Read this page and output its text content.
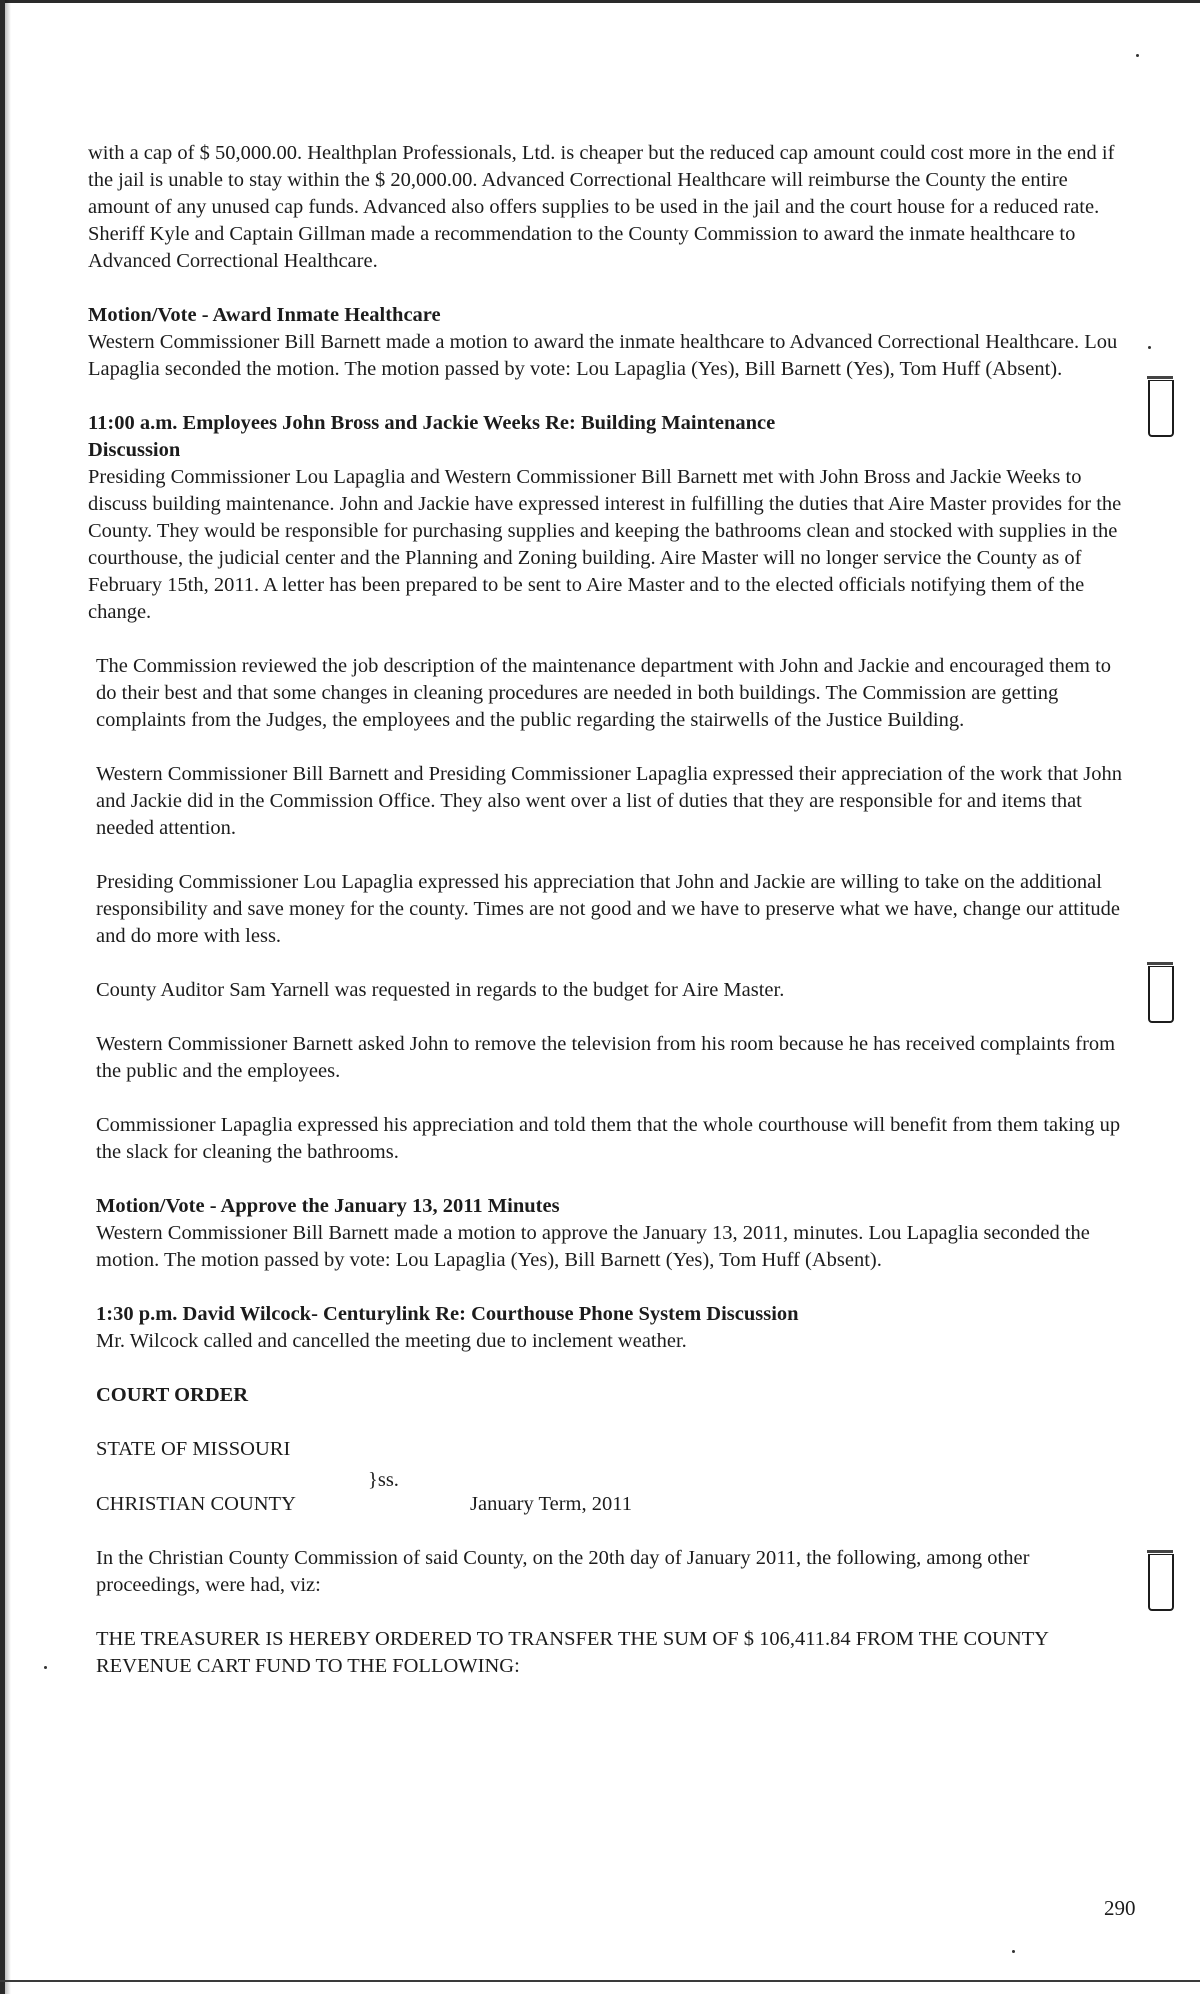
with a cap of $ 50,000.00. Healthplan Professionals, Ltd. is cheaper but the reduced cap amount could cost more in the end if the jail is unable to stay within the $ 20,000.00. Advanced Correctional Healthcare will reimburse the County the entire amount of any unused cap funds. Advanced also offers supplies to be used in the jail and the court house for a reduced rate. Sheriff Kyle and Captain Gillman made a recommendation to the County Commission to award the inmate healthcare to Advanced Correctional Healthcare.

Motion/Vote - Award Inmate Healthcare

Western Commissioner Bill Barnett made a motion to award the inmate healthcare to Advanced Correctional Healthcare. Lou Lapaglia seconded the motion. The motion passed by vote: Lou Lapaglia (Yes), Bill Barnett (Yes), Tom Huff (Absent).

11:00 a.m. Employees John Bross and Jackie Weeks Re: Building Maintenance

Discussion

Presiding Commissioner Lou Lapaglia and Western Commissioner Bill Barnett met with John Bross and Jackie Weeks to discuss building maintenance. John and Jackie have expressed interest in fulfilling the duties that Aire Master provides for the County. They would be responsible for purchasing supplies and keeping the bathrooms clean and stocked with supplies in the courthouse, the judicial center and the Planning and Zoning building. Aire Master will no longer service the County as of February 15th, 2011. A letter has been prepared to be sent to Aire Master and to the elected officials notifying them of the change.

The Commission reviewed the job description of the maintenance department with John and Jackie and encouraged them to do their best and that some changes in cleaning procedures are needed in both buildings. The Commission are getting complaints from the Judges, the employees and the public regarding the stairwells of the Justice Building.

Western Commissioner Bill Barnett and Presiding Commissioner Lapaglia expressed their appreciation of the work that John and Jackie did in the Commission Office. They also went over a list of duties that they are responsible for and items that needed attention.

Presiding Commissioner Lou Lapaglia expressed his appreciation that John and Jackie are willing to take on the additional responsibility and save money for the county. Times are not good and we have to preserve what we have, change our attitude and do more with less.

County Auditor Sam Yarnell was requested in regards to the budget for Aire Master.

Western Commissioner Barnett asked John to remove the television from his room because he has received complaints from the public and the employees.

Commissioner Lapaglia expressed his appreciation and told them that the whole courthouse will benefit from them taking up the slack for cleaning the bathrooms.

Motion/Vote - Approve the January 13, 2011 Minutes

Western Commissioner Bill Barnett made a motion to approve the January 13, 2011, minutes. Lou Lapaglia seconded the motion. The motion passed by vote: Lou Lapaglia (Yes), Bill Barnett (Yes), Tom Huff (Absent).

1:30 p.m. David Wilcock- Centurylink Re: Courthouse Phone System Discussion

Mr. Wilcock called and cancelled the meeting due to inclement weather.

COURT ORDER

STATE OF MISSOURI

}ss.

CHRISTIAN COUNTY	January Term, 2011

In the Christian County Commission of said County, on the 20th day of January 2011, the following, among other proceedings, were had, viz:

THE TREASURER IS HEREBY ORDERED TO TRANSFER THE SUM OF $ 106,411.84 FROM THE COUNTY REVENUE CART FUND TO THE FOLLOWING:

290
